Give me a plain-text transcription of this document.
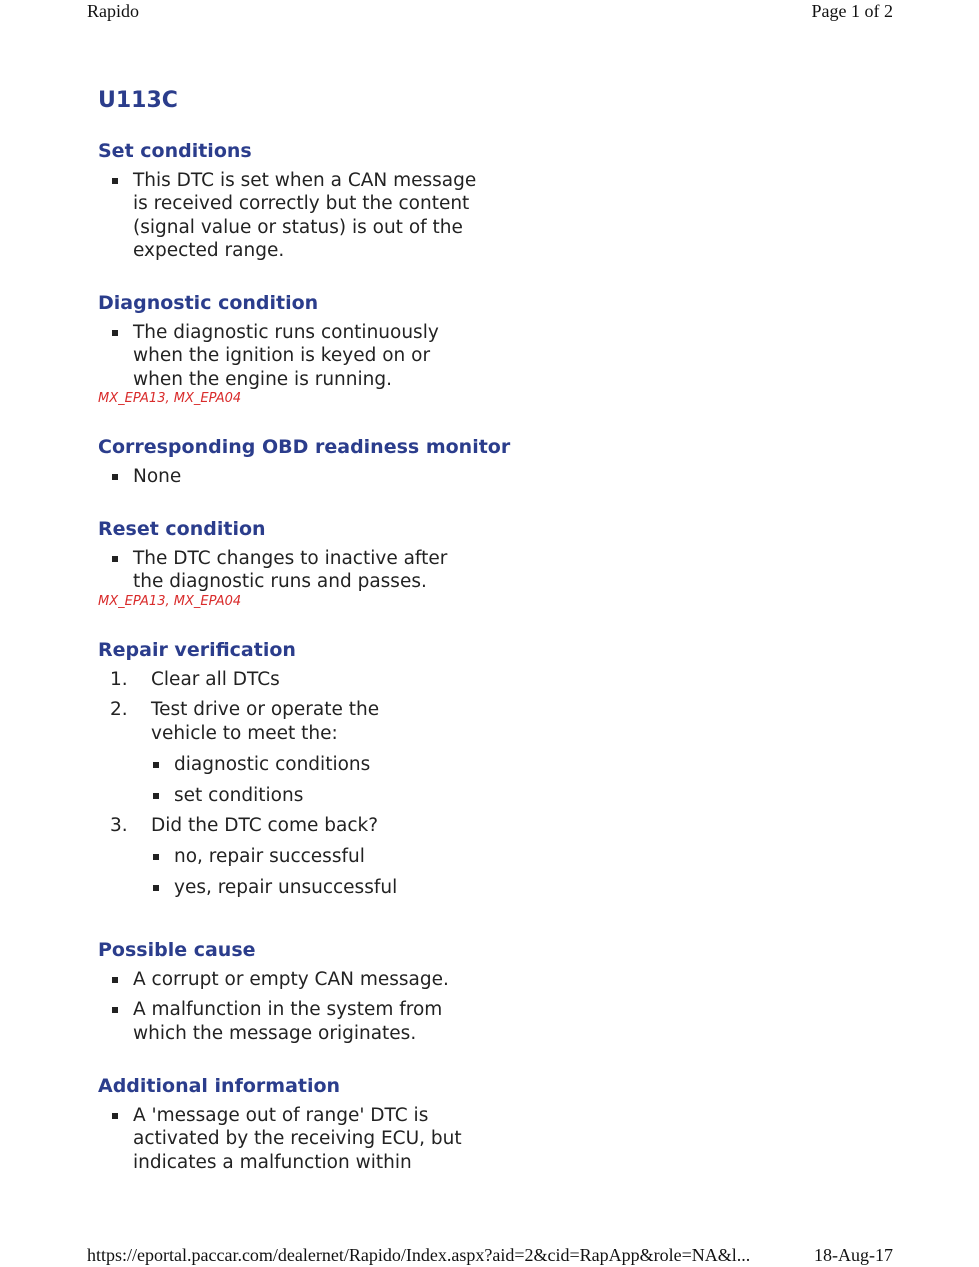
Rapido	Page 1 of 2
U113C
Set conditions
This DTC is set when a CAN message is received correctly but the content (signal value or status) is out of the expected range.
Diagnostic condition
The diagnostic runs continuously when the ignition is keyed on or when the engine is running.
MX_EPA13, MX_EPA04
Corresponding OBD readiness monitor
None
Reset condition
The DTC changes to inactive after the diagnostic runs and passes.
MX_EPA13, MX_EPA04
Repair verification
1. Clear all DTCs
2. Test drive or operate the vehicle to meet the:
diagnostic conditions
set conditions
3. Did the DTC come back?
no, repair successful
yes, repair unsuccessful
Possible cause
A corrupt or empty CAN message.
A malfunction in the system from which the message originates.
Additional information
A 'message out of range' DTC is activated by the receiving ECU, but indicates a malfunction within
https://eportal.paccar.com/dealernet/Rapido/Index.aspx?aid=2&cid=RapApp&role=NA&l...	18-Aug-17
